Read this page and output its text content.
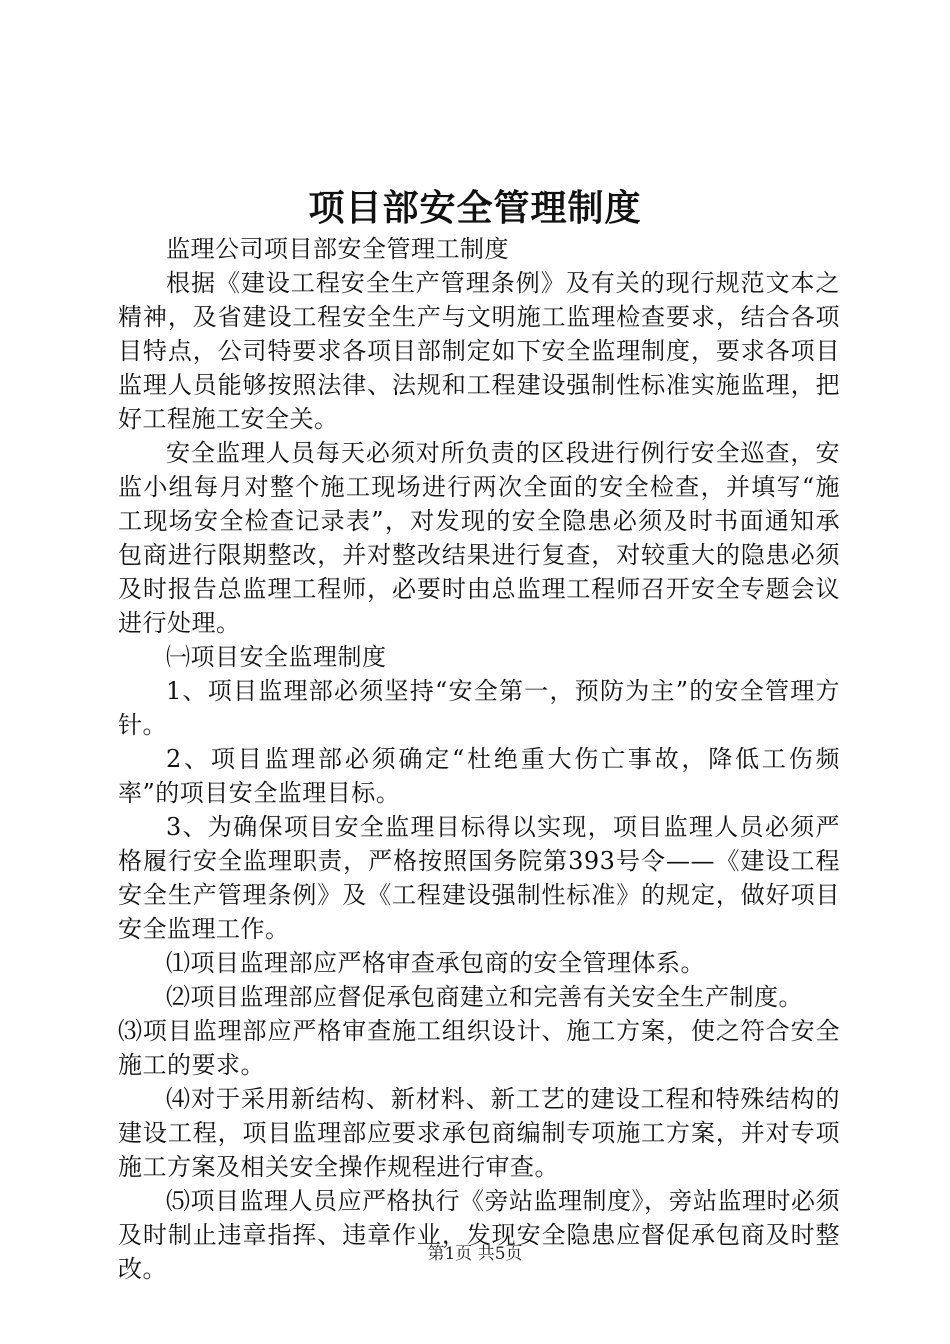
项目部安全管理制度

监理公司项目部安全管理工制度

根据《建设工程安全生产管理条例》及有关的现行规范文本之精神，及省建设工程安全生产与文明施工监理检查要求，结合各项目特点，公司特要求各项目部制定如下安全监理制度，要求各项目监理人员能够按照法律、法规和工程建设强制性标准实施监理，把好工程施工安全关。

安全监理人员每天必须对所负责的区段进行例行安全巡查，安监小组每月对整个施工现场进行两次全面的安全检查，并填写“施工现场安全检查记录表”，对发现的安全隐患必须及时书面通知承包商进行限期整改，并对整改结果进行复查，对较重大的隐患必须及时报告总监理工程师，必要时由总监理工程师召开安全专题会议进行处理。

㈠项目安全监理制度

1、项目监理部必须坚持“安全第一，预防为主”的安全管理方针。

2、项目监理部必须确定“杜绝重大伤亡事故，降低工伤频率”的项目安全监理目标。

3、为确保项目安全监理目标得以实现，项目监理人员必须严格履行安全监理职责，严格按照国务院第393号令——《建设工程安全生产管理条例》及《工程建设强制性标准》的规定，做好项目安全监理工作。

⑴项目监理部应严格审查承包商的安全管理体系。

⑵项目监理部应督促承包商建立和完善有关安全生产制度。

⑶项目监理部应严格审查施工组织设计、施工方案，使之符合安全施工的要求。

⑷对于采用新结构、新材料、新工艺的建设工程和特殊结构的建设工程，项目监理部应要求承包商编制专项施工方案，并对专项施工方案及相关安全操作规程进行审查。

⑸项目监理人员应严格执行《旁站监理制度》，旁站监理时必须及时制止违章指挥、违章作业，发现安全隐患应督促承包商及时整改。

第1页 共5页
